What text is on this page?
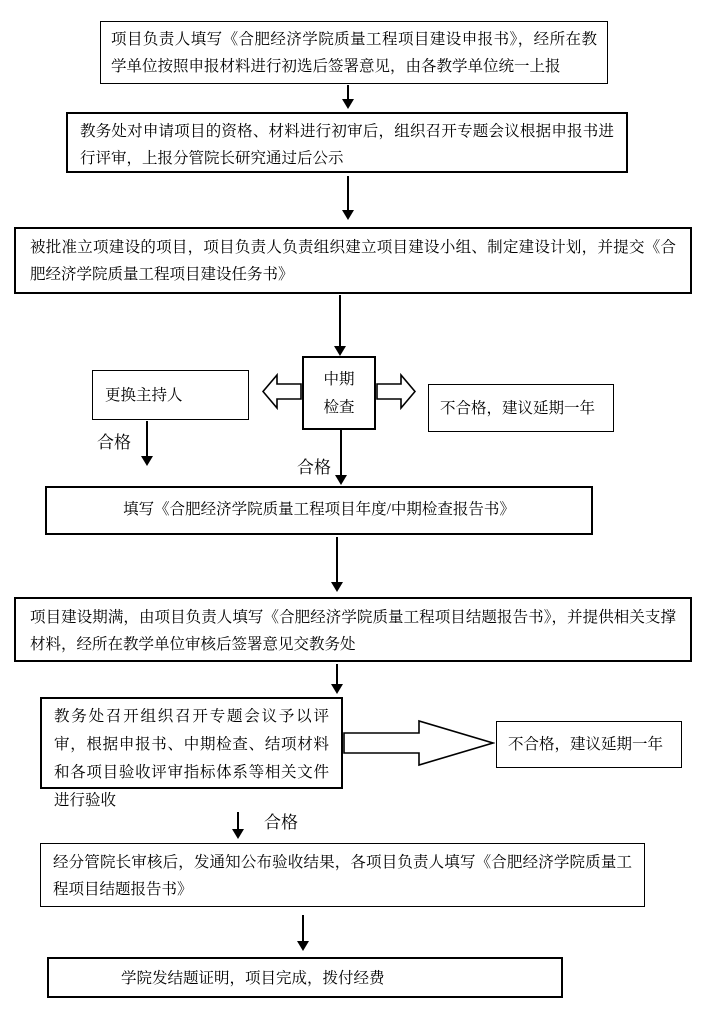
项目负责人填写《合肥经济学院质量工程项目建设申报书》，经所在教学单位按照申报材料进行初选后签署意见，由各教学单位统一上报
教务处对申请项目的资格、材料进行初审后，组织召开专题会议根据申报书进行评审，上报分管院长研究通过后公示
被批准立项建设的项目，项目负责人负责组织建立项目建设小组、制定建设计划，并提交《合肥经济学院质量工程项目建设任务书》
中期
检查
更换主持人
不合格，建议延期一年
合格
合格
填写《合肥经济学院质量工程项目年度/中期检查报告书》
项目建设期满，由项目负责人填写《合肥经济学院质量工程项目结题报告书》，并提供相关支撑材料，经所在教学单位审核后签署意见交教务处
教务处召开组织召开专题会议予以评审，根据申报书、中期检查、结项材料和各项目验收评审指标体系等相关文件进行验收
不合格，建议延期一年
合格
经分管院长审核后，发通知公布验收结果，各项目负责人填写《合肥经济学院质量工程项目结题报告书》
学院发结题证明，项目完成，拨付经费
